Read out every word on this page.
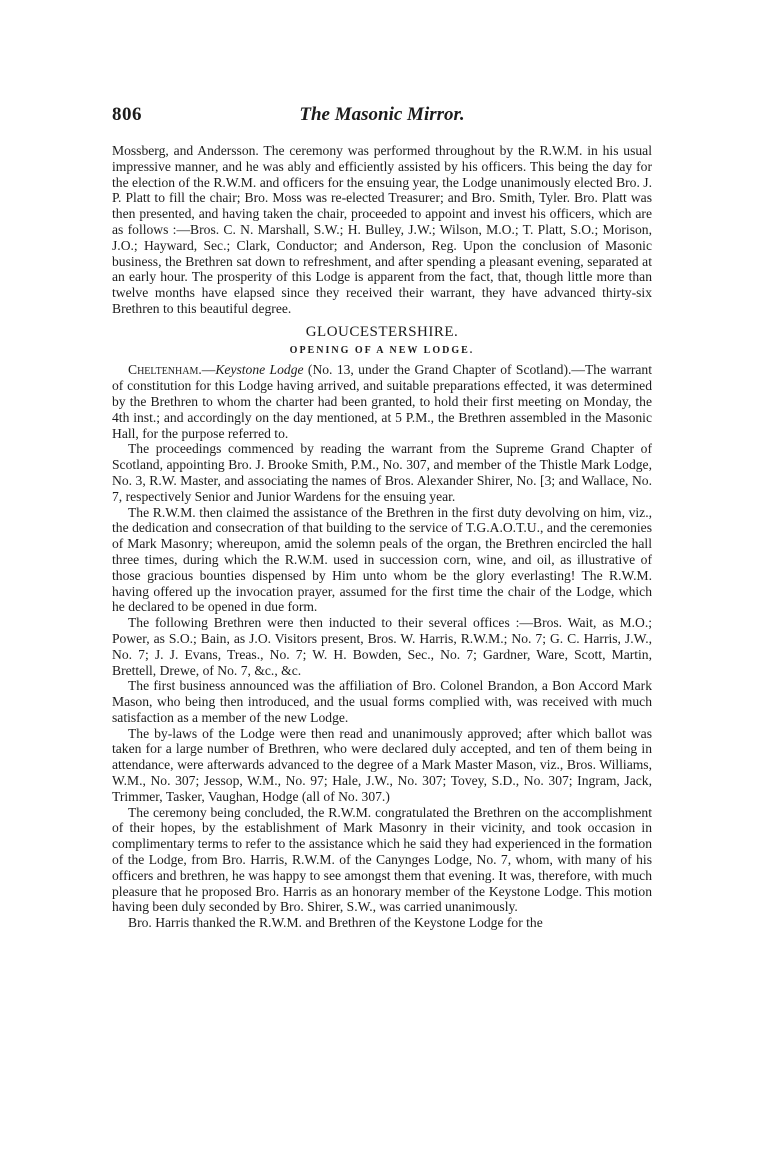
806	The Masonic Mirror.

Mossberg, and Andersson. The ceremony was performed throughout by the R.W.M. in his usual impressive manner, and he was ably and efficiently assisted by his officers. This being the day for the election of the R.W.M. and officers for the ensuing year, the Lodge unanimously elected Bro. J. P. Platt to fill the chair; Bro. Moss was re-elected Treasurer; and Bro. Smith, Tyler. Bro. Platt was then presented, and having taken the chair, proceeded to appoint and invest his officers, which are as follows :—Bros. C. N. Marshall, S.W.; H. Bulley, J.W.; Wilson, M.O.; T. Platt, S.O.; Morison, J.O.; Hayward, Sec.; Clark, Conductor; and Anderson, Reg. Upon the conclusion of Masonic business, the Brethren sat down to refreshment, and after spending a pleasant evening, separated at an early hour. The prosperity of this Lodge is apparent from the fact, that, though little more than twelve months have elapsed since they received their warrant, they have advanced thirty-six Brethren to this beautiful degree.

GLOUCESTERSHIRE.
OPENING OF A NEW LODGE.

Cheltenham.—Keystone Lodge (No. 13, under the Grand Chapter of Scotland).—The warrant of constitution for this Lodge having arrived, and suitable preparations effected, it was determined by the Brethren to whom the charter had been granted, to hold their first meeting on Monday, the 4th inst.; and accordingly on the day mentioned, at 5 P.M., the Brethren assembled in the Masonic Hall, for the purpose referred to.

The proceedings commenced by reading the warrant from the Supreme Grand Chapter of Scotland, appointing Bro. J. Brooke Smith, P.M., No. 307, and member of the Thistle Mark Lodge, No. 3, R.W. Master, and associating the names of Bros. Alexander Shirer, No. [3; and Wallace, No. 7, respectively Senior and Junior Wardens for the ensuing year.

The R.W.M. then claimed the assistance of the Brethren in the first duty devolving on him, viz., the dedication and consecration of that building to the service of T.G.A.O.T.U., and the ceremonies of Mark Masonry; whereupon, amid the solemn peals of the organ, the Brethren encircled the hall three times, during which the R.W.M. used in succession corn, wine, and oil, as illustrative of those gracious bounties dispensed by Him unto whom be the glory everlasting! The R.W.M. having offered up the invocation prayer, assumed for the first time the chair of the Lodge, which he declared to be opened in due form.

The following Brethren were then inducted to their several offices :—Bros. Wait, as M.O.; Power, as S.O.; Bain, as J.O. Visitors present, Bros. W. Harris, R.W.M.; No. 7; G. C. Harris, J.W., No. 7; J. J. Evans, Treas., No. 7; W. H. Bowden, Sec., No. 7; Gardner, Ware, Scott, Martin, Brettell, Drewe, of No. 7, &c., &c.

The first business announced was the affiliation of Bro. Colonel Brandon, a Bon Accord Mark Mason, who being then introduced, and the usual forms complied with, was received with much satisfaction as a member of the new Lodge.

The by-laws of the Lodge were then read and unanimously approved; after which ballot was taken for a large number of Brethren, who were declared duly accepted, and ten of them being in attendance, were afterwards advanced to the degree of a Mark Master Mason, viz., Bros. Williams, W.M., No. 307; Jessop, W.M., No. 97; Hale, J.W., No. 307; Tovey, S.D., No. 307; Ingram, Jack, Trimmer, Tasker, Vaughan, Hodge (all of No. 307.)

The ceremony being concluded, the R.W.M. congratulated the Brethren on the accomplishment of their hopes, by the establishment of Mark Masonry in their vicinity, and took occasion in complimentary terms to refer to the assistance which he said they had experienced in the formation of the Lodge, from Bro. Harris, R.W.M. of the Canynges Lodge, No. 7, whom, with many of his officers and brethren, he was happy to see amongst them that evening. It was, therefore, with much pleasure that he proposed Bro. Harris as an honorary member of the Keystone Lodge. This motion having been duly seconded by Bro. Shirer, S.W., was carried unanimously.

Bro. Harris thanked the R.W.M. and Brethren of the Keystone Lodge for the
